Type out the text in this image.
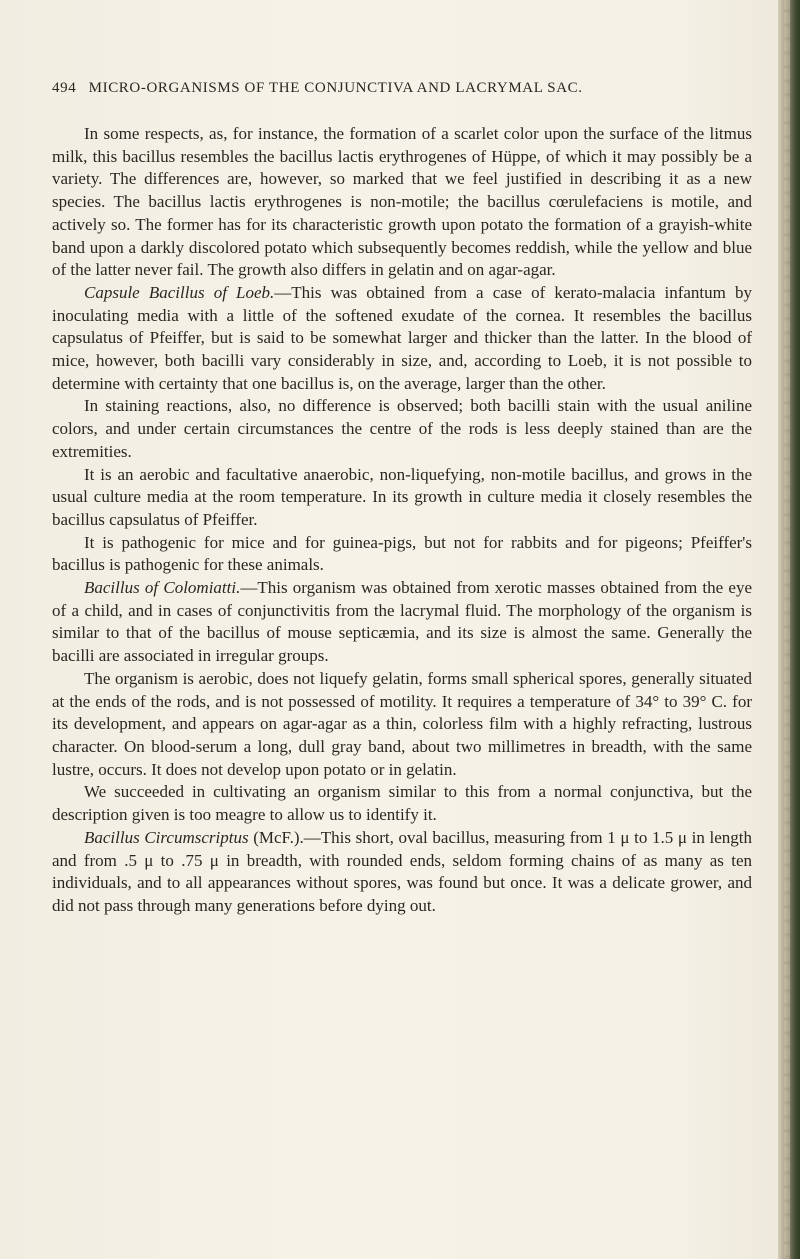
494 MICRO-ORGANISMS OF THE CONJUNCTIVA AND LACRYMAL SAC.

In some respects, as, for instance, the formation of a scarlet color upon the surface of the litmus milk, this bacillus resembles the bacillus lactis erythrogenes of Hüppe, of which it may possibly be a variety. The differences are, however, so marked that we feel justified in describing it as a new species. The bacillus lactis erythrogenes is non-motile; the bacillus cœrulefaciens is motile, and actively so. The former has for its characteristic growth upon potato the formation of a grayish-white band upon a darkly discolored potato which subsequently becomes reddish, while the yellow and blue of the latter never fail. The growth also differs in gelatin and on agar-agar.

Capsule Bacillus of Loeb.—This was obtained from a case of kerato-malacia infantum by inoculating media with a little of the softened exudate of the cornea. It resembles the bacillus capsulatus of Pfeiffer, but is said to be somewhat larger and thicker than the latter. In the blood of mice, however, both bacilli vary considerably in size, and, according to Loeb, it is not possible to determine with certainty that one bacillus is, on the average, larger than the other.

In staining reactions, also, no difference is observed; both bacilli stain with the usual aniline colors, and under certain circumstances the centre of the rods is less deeply stained than are the extremities.

It is an aerobic and facultative anaerobic, non-liquefying, non-motile bacillus, and grows in the usual culture media at the room temperature. In its growth in culture media it closely resembles the bacillus capsulatus of Pfeiffer.

It is pathogenic for mice and for guinea-pigs, but not for rabbits and for pigeons; Pfeiffer's bacillus is pathogenic for these animals.

Bacillus of Colomiatti.—This organism was obtained from xerotic masses obtained from the eye of a child, and in cases of conjunctivitis from the lacrymal fluid. The morphology of the organism is similar to that of the bacillus of mouse septicæmia, and its size is almost the same. Generally the bacilli are associated in irregular groups.

The organism is aerobic, does not liquefy gelatin, forms small spherical spores, generally situated at the ends of the rods, and is not possessed of motility. It requires a temperature of 34° to 39° C. for its development, and appears on agar-agar as a thin, colorless film with a highly refracting, lustrous character. On blood-serum a long, dull gray band, about two millimetres in breadth, with the same lustre, occurs. It does not develop upon potato or in gelatin.

We succeeded in cultivating an organism similar to this from a normal conjunctiva, but the description given is too meagre to allow us to identify it.

Bacillus Circumscriptus (McF.).—This short, oval bacillus, measuring from 1 μ to 1.5 μ in length and from .5 μ to .75 μ in breadth, with rounded ends, seldom forming chains of as many as ten individuals, and to all appearances without spores, was found but once. It was a delicate grower, and did not pass through many generations before dying out.
